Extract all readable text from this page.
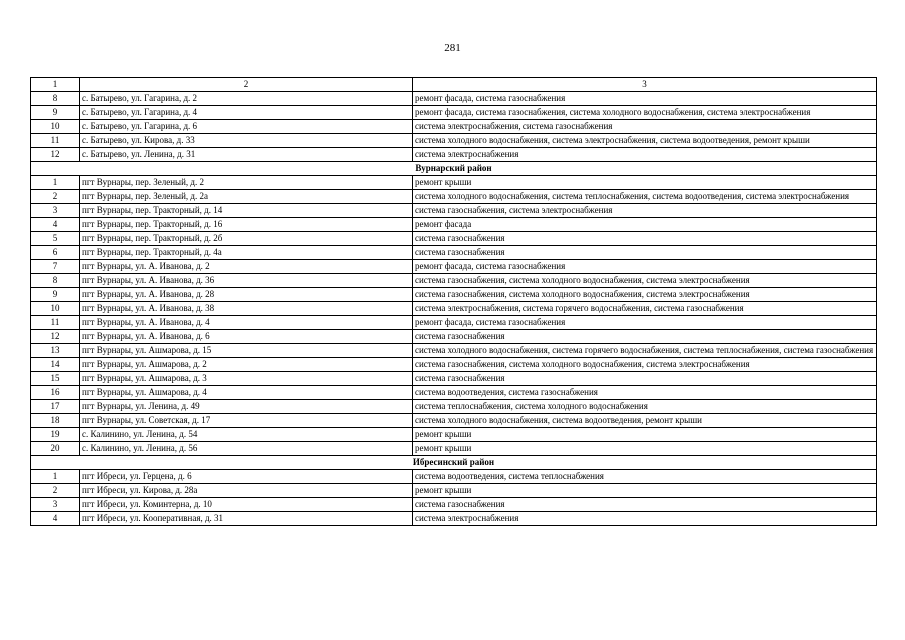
281
1	2	3
8	с. Батырево, ул. Гагарина, д. 2	ремонт фасада, система газоснабжения
9	с. Батырево, ул. Гагарина, д. 4	ремонт фасада, система газоснабжения, система холодного водоснабжения, система электроснабжения
10	с. Батырево, ул. Гагарина, д. 6	система электроснабжения, система газоснабжения
11	с. Батырево, ул. Кирова, д. 33	система холодного водоснабжения, система электроснабжения, система водоотведения, ремонт крыши
12	с. Батырево, ул. Ленина, д. 31	система электроснабжения
Вурнарский район		
1	пгт Вурнары, пер. Зеленый, д. 2	ремонт крыши
2	пгт Вурнары, пер. Зеленый, д. 2а	система холодного водоснабжения, система теплоснабжения, система водоотведения, система электроснабжения
3	пгт Вурнары, пер. Тракторный, д. 14	система газоснабжения, система электроснабжения
4	пгт Вурнары, пер. Тракторный, д. 16	ремонт фасада
5	пгт Вурнары, пер. Тракторный, д. 2б	система газоснабжения
6	пгт Вурнары, пер. Тракторный, д. 4а	система газоснабжения
7	пгт Вурнары, ул. А. Иванова, д. 2	ремонт фасада, система газоснабжения
8	пгт Вурнары, ул. А. Иванова, д. 36	система газоснабжения, система холодного водоснабжения, система электроснабжения
9	пгт Вурнары, ул. А. Иванова, д. 28	система газоснабжения, система холодного водоснабжения, система электроснабжения
10	пгт Вурнары, ул. А. Иванова, д. 38	система электроснабжения, система горячего водоснабжения, система газоснабжения
11	пгт Вурнары, ул. А. Иванова, д. 4	ремонт фасада, система газоснабжения
12	пгт Вурнары, ул. А. Иванова, д. 6	система газоснабжения
13	пгт Вурнары, ул. Ашмарова, д. 15	система холодного водоснабжения, система горячего водоснабжения, система теплоснабжения, система газоснабжения
14	пгт Вурнары, ул. Ашмарова, д. 2	система газоснабжения, система холодного водоснабжения, система электроснабжения
15	пгт Вурнары, ул. Ашмарова, д. 3	система газоснабжения
16	пгт Вурнары, ул. Ашмарова, д. 4	система водоотведения, система газоснабжения
17	пгт Вурнары, ул. Ленина, д. 49	система теплоснабжения, система холодного водоснабжения
18	пгт Вурнары, ул. Советская, д. 17	система холодного водоснабжения, система водоотведения, ремонт крыши
19	с. Калинино, ул. Ленина, д. 54	ремонт крыши
20	с. Калинино, ул. Ленина, д. 56	ремонт крыши
Ибресинский район		
1	пгт Ибреси, ул. Герцена, д. 6	система водоотведения, система теплоснабжения
2	пгт Ибреси, ул. Кирова, д. 28а	ремонт крыши
3	пгт Ибреси, ул. Коминтерна, д. 10	система газоснабжения
4	пгт Ибреси, ул. Кооперативная, д. 31	система электроснабжения
